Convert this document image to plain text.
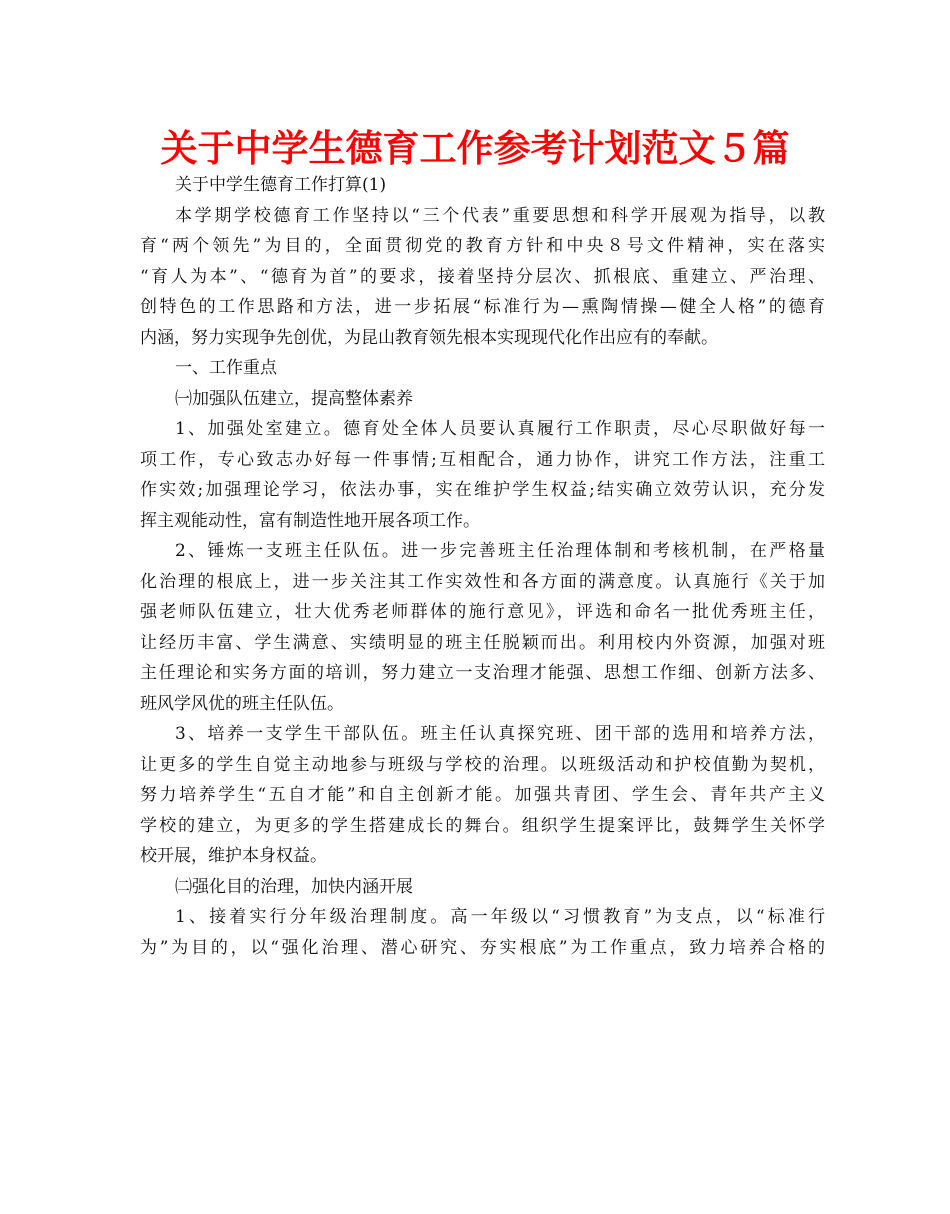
关于中学生德育工作参考计划范文５篇
关于中学生德育工作打算(1)
本学期学校德育工作坚持以“三个代表”重要思想和科学开展观为指导，以教
育“两个领先”为目的，全面贯彻党的教育方针和中央８号文件精神，实在落实
“育人为本”、“德育为首”的要求，接着坚持分层次、抓根底、重建立、严治理、
创特色的工作思路和方法，进一步拓展“标准行为—熏陶情操—健全人格”的德育
内涵，努力实现争先创优，为昆山教育领先根本实现现代化作出应有的奉献。
一、工作重点
㈠加强队伍建立，提高整体素养
1、加强处室建立。德育处全体人员要认真履行工作职责，尽心尽职做好每一
项工作，专心致志办好每一件事情;互相配合，通力协作，讲究工作方法，注重工
作实效;加强理论学习，依法办事，实在维护学生权益;结实确立效劳认识，充分发
挥主观能动性，富有制造性地开展各项工作。
2、锤炼一支班主任队伍。进一步完善班主任治理体制和考核机制，在严格量
化治理的根底上，进一步关注其工作实效性和各方面的满意度。认真施行《关于加
强老师队伍建立，壮大优秀老师群体的施行意见》，评选和命名一批优秀班主任，
让经历丰富、学生满意、实绩明显的班主任脱颖而出。利用校内外资源，加强对班
主任理论和实务方面的培训，努力建立一支治理才能强、思想工作细、创新方法多、
班风学风优的班主任队伍。
3、培养一支学生干部队伍。班主任认真探究班、团干部的选用和培养方法，
让更多的学生自觉主动地参与班级与学校的治理。以班级活动和护校值勤为契机，
努力培养学生“五自才能”和自主创新才能。加强共青团、学生会、青年共产主义
学校的建立，为更多的学生搭建成长的舞台。组织学生提案评比，鼓舞学生关怀学
校开展，维护本身权益。
㈡强化目的治理，加快内涵开展
1、接着实行分年级治理制度。高一年级以“习惯教育”为支点，以“标准行
为”为目的，以“强化治理、潜心研究、夯实根底”为工作重点，致力培养合格的
